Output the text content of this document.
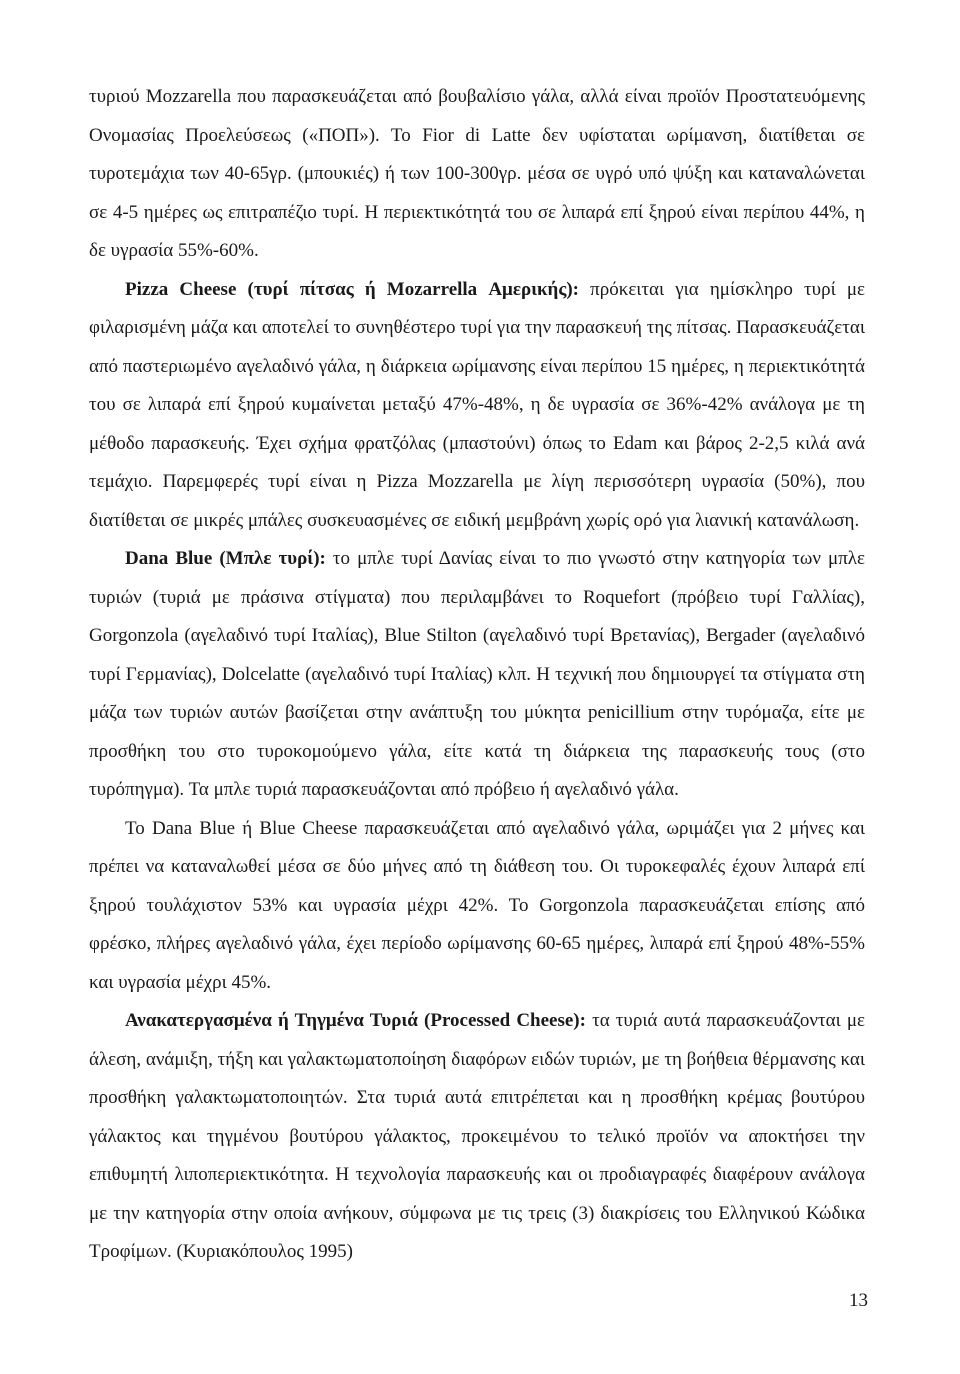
τυριού Mozzarella που παρασκευάζεται από βουβαλίσιο γάλα, αλλά είναι προϊόν Προστατευόμενης Ονομασίας Προελεύσεως («ΠΟΠ»). Το Fior di Latte δεν υφίσταται ωρίμανση, διατίθεται σε τυροτεμάχια των 40-65γρ. (μπουκιές) ή των 100-300γρ. μέσα σε υγρό υπό ψύξη και καταναλώνεται σε 4-5 ημέρες ως επιτραπέζιο τυρί. Η περιεκτικότητά του σε λιπαρά επί ξηρού είναι περίπου 44%, η δε υγρασία 55%-60%.

Pizza Cheese (τυρί πίτσας ή Mozarrella Αμερικής): πρόκειται για ημίσκληρο τυρί με φιλαρισμένη μάζα και αποτελεί το συνηθέστερο τυρί για την παρασκευή της πίτσας. Παρασκευάζεται από παστεριωμένο αγελαδινό γάλα, η διάρκεια ωρίμανσης είναι περίπου 15 ημέρες, η περιεκτικότητά του σε λιπαρά επί ξηρού κυμαίνεται μεταξύ 47%-48%, η δε υγρασία σε 36%-42% ανάλογα με τη μέθοδο παρασκευής. Έχει σχήμα φρατζόλας (μπαστούνι) όπως το Edam και βάρος 2-2,5 κιλά ανά τεμάχιο. Παρεμφερές τυρί είναι η Pizza Mozzarella με λίγη περισσότερη υγρασία (50%), που διατίθεται σε μικρές μπάλες συσκευασμένες σε ειδική μεμβράνη χωρίς ορό για λιανική κατανάλωση.

Dana Blue (Μπλε τυρί): το μπλε τυρί Δανίας είναι το πιο γνωστό στην κατηγορία των μπλε τυριών (τυριά με πράσινα στίγματα) που περιλαμβάνει το Roquefort (πρόβειο τυρί Γαλλίας), Gorgonzola (αγελαδινό τυρί Ιταλίας), Blue Stilton (αγελαδινό τυρί Βρετανίας), Bergader (αγελαδινό τυρί Γερμανίας), Dolcelatte (αγελαδινό τυρί Ιταλίας) κλπ. Η τεχνική που δημιουργεί τα στίγματα στη μάζα των τυριών αυτών βασίζεται στην ανάπτυξη του μύκητα penicillium στην τυρόμαζα, είτε με προσθήκη του στο τυροκομούμενο γάλα, είτε κατά τη διάρκεια της παρασκευής τους (στο τυρόπηγμα). Τα μπλε τυριά παρασκευάζονται από πρόβειο ή αγελαδινό γάλα.

Το Dana Blue ή Blue Cheese παρασκευάζεται από αγελαδινό γάλα, ωριμάζει για 2 μήνες και πρέπει να καταναλωθεί μέσα σε δύο μήνες από τη διάθεση του. Οι τυροκεφαλές έχουν λιπαρά επί ξηρού τουλάχιστον 53% και υγρασία μέχρι 42%. Το Gorgonzola παρασκευάζεται επίσης από φρέσκο, πλήρες αγελαδινό γάλα, έχει περίοδο ωρίμανσης 60-65 ημέρες, λιπαρά επί ξηρού 48%-55% και υγρασία μέχρι 45%.

Ανακατεργασμένα ή Τηγμένα Τυριά (Processed Cheese): τα τυριά αυτά παρασκευάζονται με άλεση, ανάμιξη, τήξη και γαλακτωματοποίηση διαφόρων ειδών τυριών, με τη βοήθεια θέρμανσης και προσθήκη γαλακτωματοποιητών. Στα τυριά αυτά επιτρέπεται και η προσθήκη κρέμας βουτύρου γάλακτος και τηγμένου βουτύρου γάλακτος, προκειμένου το τελικό προϊόν να αποκτήσει την επιθυμητή λιποπεριεκτικότητα. Η τεχνολογία παρασκευής και οι προδιαγραφές διαφέρουν ανάλογα με την κατηγορία στην οποία ανήκουν, σύμφωνα με τις τρεις (3) διακρίσεις του Ελληνικού Κώδικα Τροφίμων. (Κυριακόπουλος 1995)

13
